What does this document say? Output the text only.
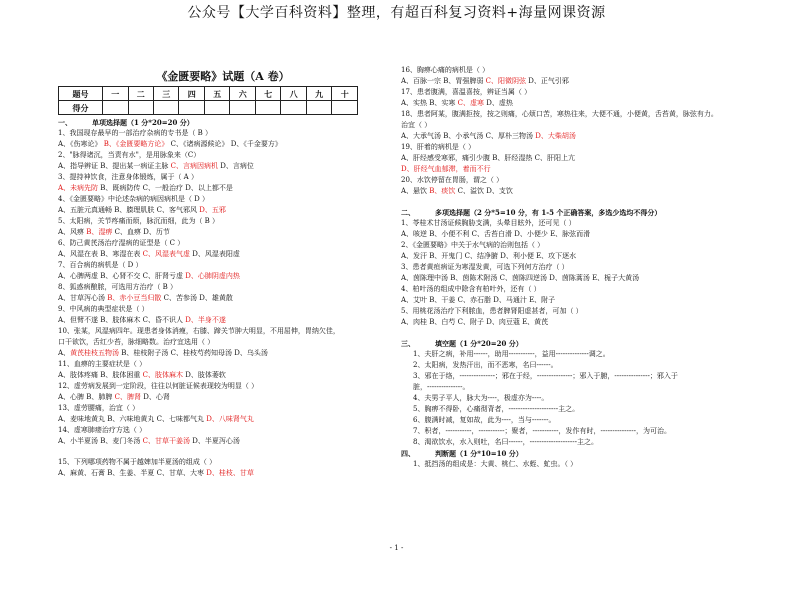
公众号【大学百科资料】整理，有超百科复习资料+海量网课资源
《金匮要略》试题（A 卷）
题号	一	二	三	四	五	六	七	八	九	十
得分										
一、	单项选择题（1 分*20=20 分）
1、我国现存最早的一部治疗杂病的专书是（ B ）
A、《伤寒论》 B、《金匮要略方论》 C、《诸病源候论》 D、《千金要方》
2、"脉得诸沉，当责有水"，是用脉象来（C）
A、指导辨证 B、提出某一病证主脉 C、言病因病机 D、言病位
3、提持神饮食，注意身体锻炼，属于（ A ）
A、未病先防 B、既病防传 C、一般治疗 D、以上都不是
4、《金匮要略》中论述杂病的病因病机是（ D ）
A、五脏元真通畅 B、腠理肌肤 C、客气邪风 D、五邪
5、太阳病，关节疼痛而烦，脉沉而细，此为（ B ）
A、风痹 B、湿痹 C、血痹 D、历节
6、防己黄芪汤治疗湿病的证型是（ C ）
A、风湿在表 B、寒湿在表 C、风湿表气虚 D、风湿表阳虚
7、百合病的病机是（ D ）
A、心脾两虚 B、心肾不交 C、肝肾亏虚 D、心肺阴虚内热
8、狐惑病酿脓，可选用方治疗（ B ）
A、甘草泻心汤 B、赤小豆当归散 C、苦参汤 D、雄黄散
9、中风病的典型症状是（ ）
A、但臂不遂 B、肢体麻木 C、昏不识人 D、半身不遂
10、张某，风湿病四年。现患者身体消瘦，右膝、蹄关节肿大明显，不用屈伸，胃纳欠佳，
口干欲饮，舌红少苔，脉细略数。治疗宜选用（ ）
A、黄芪桂枝五物汤 B、桂枝附子汤 C、桂枝芍药知母汤 D、乌头汤
11、血痹的主要症状是（ ）
A、肢体疼痛 B、肢体困重 C、肢体麻木 D、肢体萎软
12、虚劳病发展到一定阶段，往往以何脏证候表现较为明显（ ）
A、心脾 B、肺脾 C、脾肾 D、心肾
13、虚劳腰痛，治宜（ ）
A、麦味地黄丸 B、六味地黄丸 C、七味都气丸 D、八味肾气丸
14、虚寒肺痿治疗方选（ ）
A、小半夏汤 B、麦门冬汤 C、甘草干姜汤 D、半夏泻心汤
15、下列哪项药物不属于越婢加半夏汤的组成（ ）
A、麻黄、石膏 B、生姜、半夏 C、甘草、大枣 D、桂枝、甘草
16、胸痹心痛的病机是（ ）
A、百脉一宗 B、胃强脾弱 C、阳微阴弦 D、正气引邪
17、患者腹满，喜温喜按，辨证当属（ ）
A、实热 B、实寒 C、虚寒 D、虚热
18、患者阿某，腹满拒按，按之则痛，心烦口苦，寒热往来，大便不通，小便黄，舌苔黄，脉弦有力。
治宜（ ）
A、大承气汤 B、小承气汤 C、厚朴三物汤 D、大柴胡汤
19、肝着的病机是（ ）
A、肝经感受寒邪，痛引少腹 B、肝经湿热 C、肝阳上亢
D、肝经气血郁滞，着而不行
20、水饮停留在胃肠，谓之（ ）
A、悬饮 B、痰饮 C、溢饮 D、支饮
二、	多项选择题（2 分*5=10 分，有 1-5 个正确答案，多选少选均不得分）
1、苓桂术甘汤证候胸胁支满，头晕目眩外，还可见（ ）
A、咳逆 B、小便不利 C、舌苔白滑 D、小便少 E、脉弦而滑
2、《金匮要略》中关于水气病的治则包括（ ）
A、发汗 B、开鬼门 C、结净腑 D、利小便 E、攻下逐水
3、患者黄疸病证为寒湿发黄，可选下列何方治疗（ ）
A、茵陈理中汤 B、茵陈术附汤 C、茵陈四逆汤 D、茵陈蒿汤 E、栀子大黄汤
4、柏叶汤的组成中除含有柏叶外，还有（ ）
A、艾叶 B、干姜 C、赤石脂 D、马通汁 E、附子
5、用桃花汤治疗下利脓血，患者脾肾阳虚甚者，可加（ ）
A、肉桂 B、白芍 C、附子 D、肉豆蔻 E、黄芪
三、	填空题（1 分*20=20 分）
1、夫肝之病，补用------，助用-----------，益用--------------调之。
2、太阳病，发热汗出，而不恶寒，名曰------。
3、邪在于络，---------------；邪在于经，---------------；邪入于腑，---------------；邪入于
脏，---------------。
4、夫男子平人，脉大为----，极虚亦为----。
5、胸痹不得卧，心痛彻背者，---------------------主之。
6、腹满时减，复如故，此为----，当与-------。
7、积者，-----------，-----------；聚者，-----------，发作有时，---------------，为可治。
8、渴欲饮水，水入则吐，名曰------，--------------------主之。
四、	判断题（1 分*10=10 分）
1、抵挡汤的组成是：大黄、桃仁、水蛭、虻虫。（ ）
- 1 -
